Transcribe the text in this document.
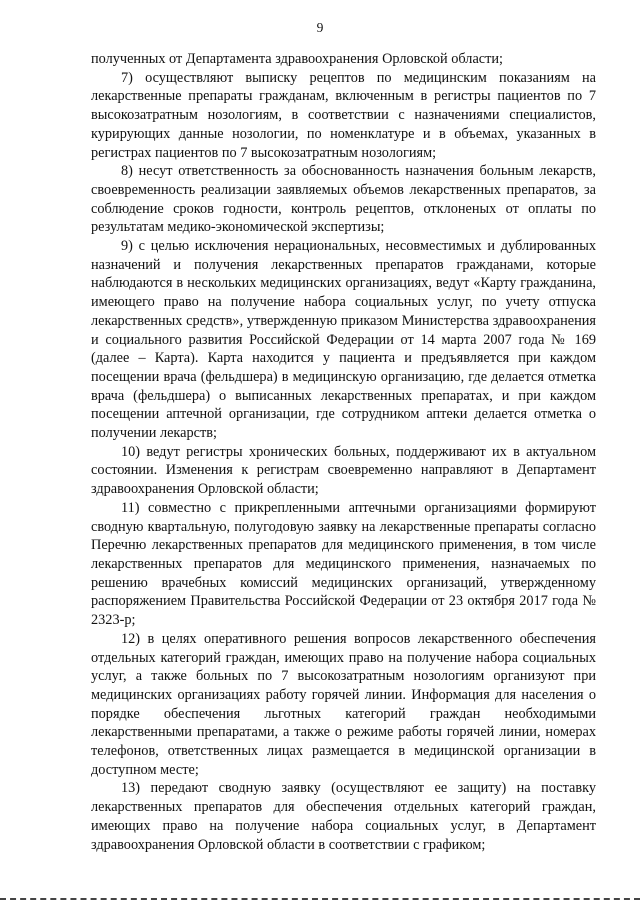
9

полученных от Департамента здравоохранения Орловской области;

7) осуществляют выписку рецептов по медицинским показаниям на лекарственные препараты гражданам, включенным в регистры пациентов по 7 высокозатратным нозологиям, в соответствии с назначениями специалистов, курирующих данные нозологии, по номенклатуре и в объемах, указанных в регистрах пациентов по 7 высокозатратным нозологиям;

8) несут ответственность за обоснованность назначения больным лекарств, своевременность реализации заявляемых объемов лекарственных препаратов, за соблюдение сроков годности, контроль рецептов, отклоненых от оплаты по результатам медико-экономической экспертизы;

9) с целью исключения нерациональных, несовместимых и дублированных назначений и получения лекарственных препаратов гражданами, которые наблюдаются в нескольких медицинских организациях, ведут «Карту гражданина, имеющего право на получение набора социальных услуг, по учету отпуска лекарственных средств», утвержденную приказом Министерства здравоохранения и социального развития Российской Федерации от 14 марта 2007 года № 169 (далее – Карта). Карта находится у пациента и предъявляется при каждом посещении врача (фельдшера) в медицинскую организацию, где делается отметка врача (фельдшера) о выписанных лекарственных препаратах, и при каждом посещении аптечной организации, где сотрудником аптеки делается отметка о получении лекарств;

10) ведут регистры хронических больных, поддерживают их в актуальном состоянии. Изменения к регистрам своевременно направляют в Департамент здравоохранения Орловской области;

11) совместно с прикрепленными аптечными организациями формируют сводную квартальную, полугодовую заявку на лекарственные препараты согласно Перечню лекарственных препаратов для медицинского применения, в том числе лекарственных препаратов для медицинского применения, назначаемых по решению врачебных комиссий медицинских организаций, утвержденному распоряжением Правительства Российской Федерации от 23 октября 2017 года № 2323-р;

12) в целях оперативного решения вопросов лекарственного обеспечения отдельных категорий граждан, имеющих право на получение набора социальных услуг, а также больных по 7 высокозатратным нозологиям организуют при медицинских организациях работу горячей линии. Информация для населения о порядке обеспечения льготных категорий граждан необходимыми лекарственными препаратами, а также о режиме работы горячей линии, номерах телефонов, ответственных лицах размещается в медицинской организации в доступном месте;

13) передают сводную заявку (осуществляют ее защиту) на поставку лекарственных препаратов для обеспечения отдельных категорий граждан, имеющих право на получение набора социальных услуг, в Департамент здравоохранения Орловской области в соответствии с графиком;
